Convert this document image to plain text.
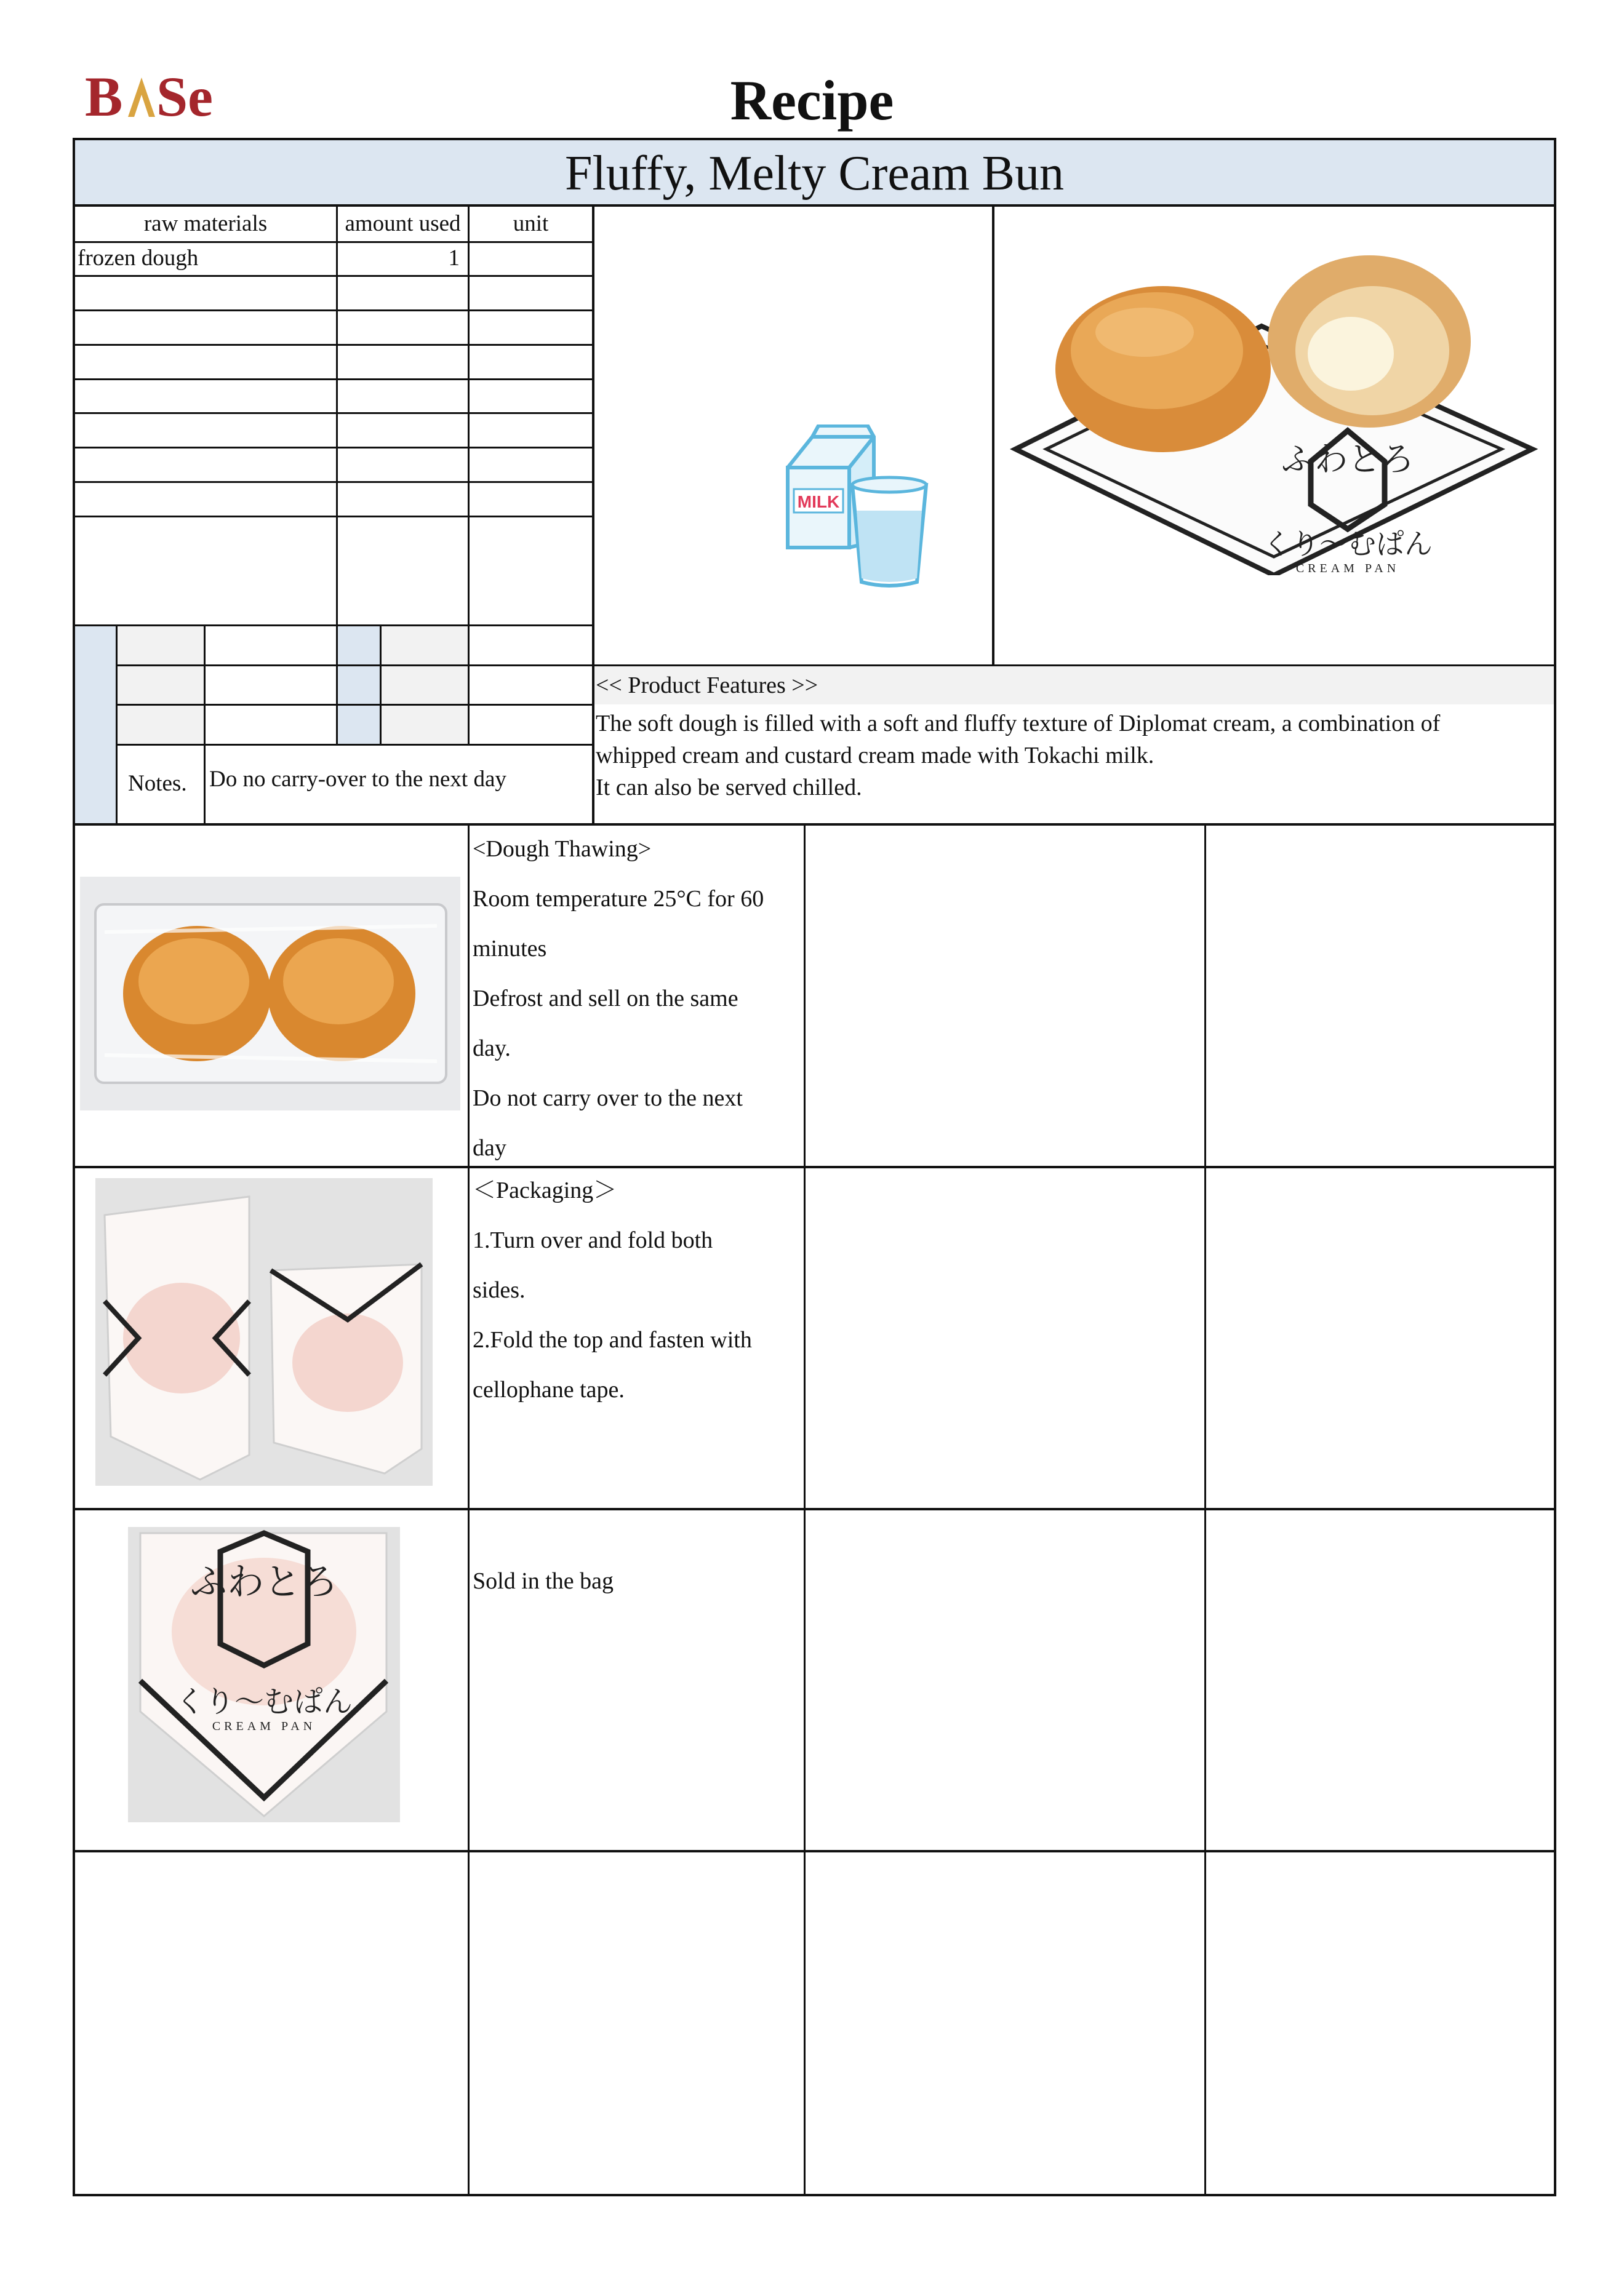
B Se	Recipe
Fluffy, Melty Cream Bun
raw materials	amount used	unit
frozen dough	1
Notes. Do no carry-over to the next day
<< Product Features >>
The soft dough is filled with a soft and fluffy texture of Diplomat cream, a combination of
whipped cream and custard cream made with Tokachi milk.
It can also be served chilled.
MILK
ふわとろ
くり〜むぱん
CREAM PAN
ふわとろ
くり〜むぱん
CREAM PAN
<Dough Thawing>
Room temperature 25°C for 60
minutes
Defrost and sell on the same
day.
Do not carry over to the next
day
＜Packaging＞
1.Turn over and fold both
sides.
2.Fold the top and fasten with
cellophane tape.
Sold in the bag
